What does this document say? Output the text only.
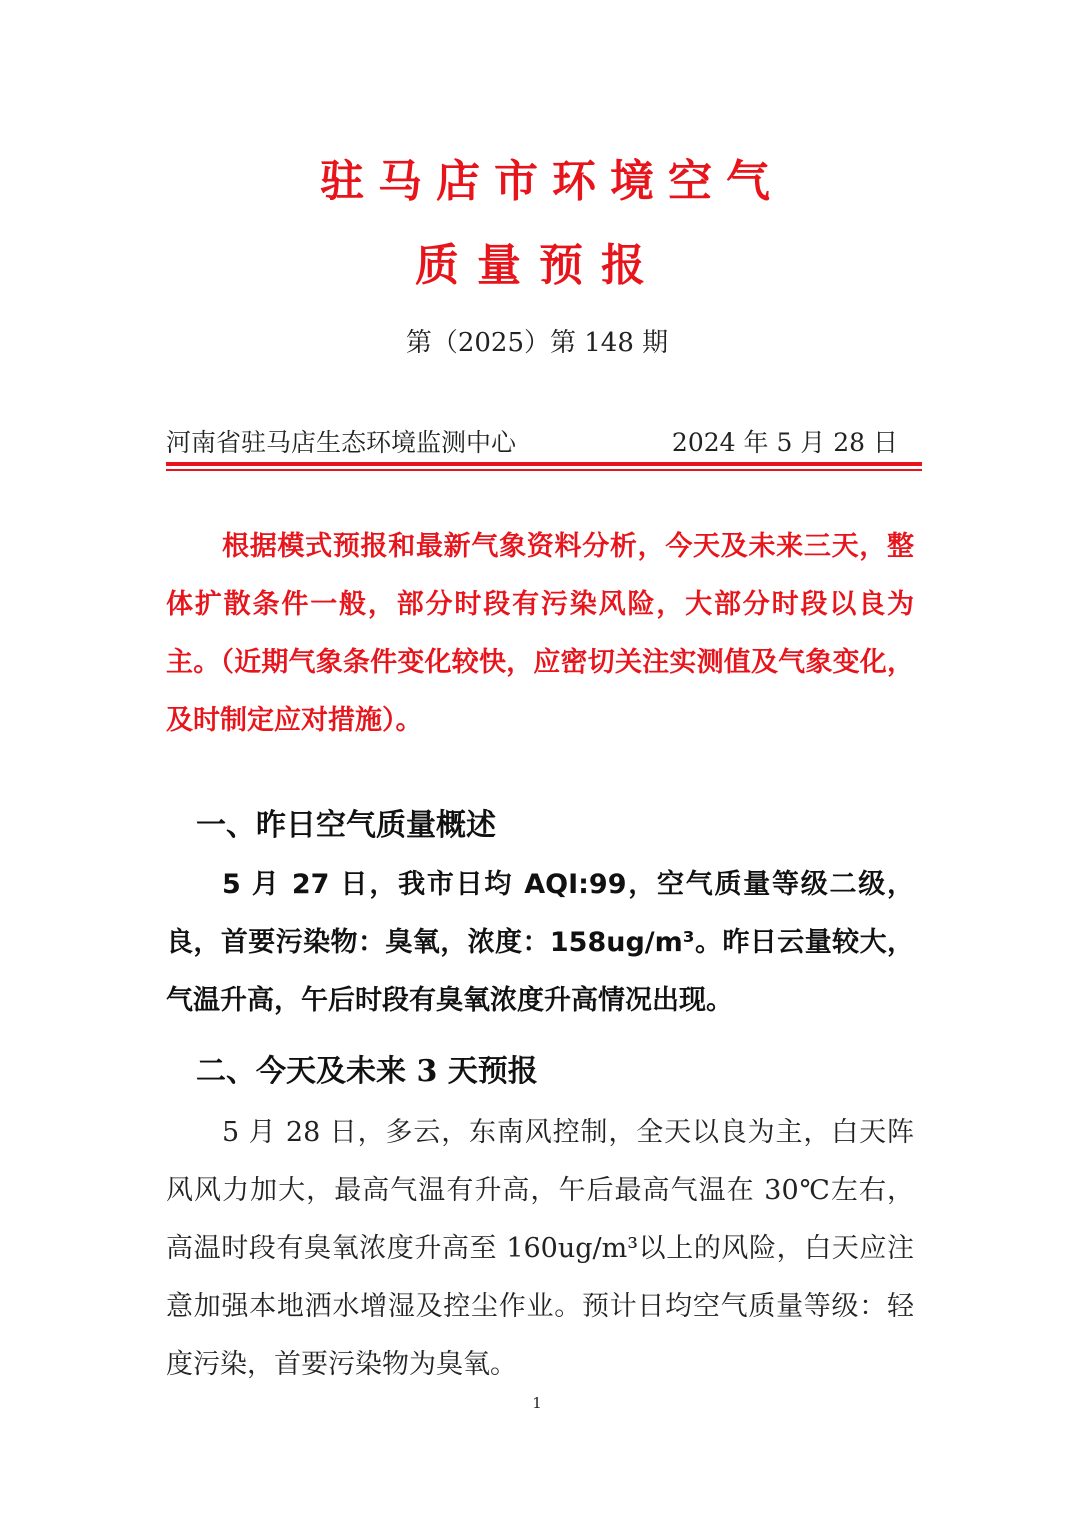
驻马店市环境空气
质量预报
第（2025）第 148 期
河南省驻马店生态环境监测中心	2024 年 5 月 28 日

根据模式预报和最新气象资料分析，今天及未来三天，整体扩散条件一般，部分时段有污染风险，大部分时段以良为主。（近期气象条件变化较快，应密切关注实测值及气象变化，及时制定应对措施）。

一、昨日空气质量概述

5 月 27 日，我市日均 AQI:99，空气质量等级二级，良，首要污染物：臭氧，浓度：158ug/m³。昨日云量较大，气温升高，午后时段有臭氧浓度升高情况出现。

二、今天及未来 3 天预报

5 月 28 日，多云，东南风控制，全天以良为主，白天阵风风力加大，最高气温有升高，午后最高气温在 30℃左右，高温时段有臭氧浓度升高至 160ug/m³以上的风险，白天应注意加强本地洒水增湿及控尘作业。预计日均空气质量等级：轻度污染，首要污染物为臭氧。

1
